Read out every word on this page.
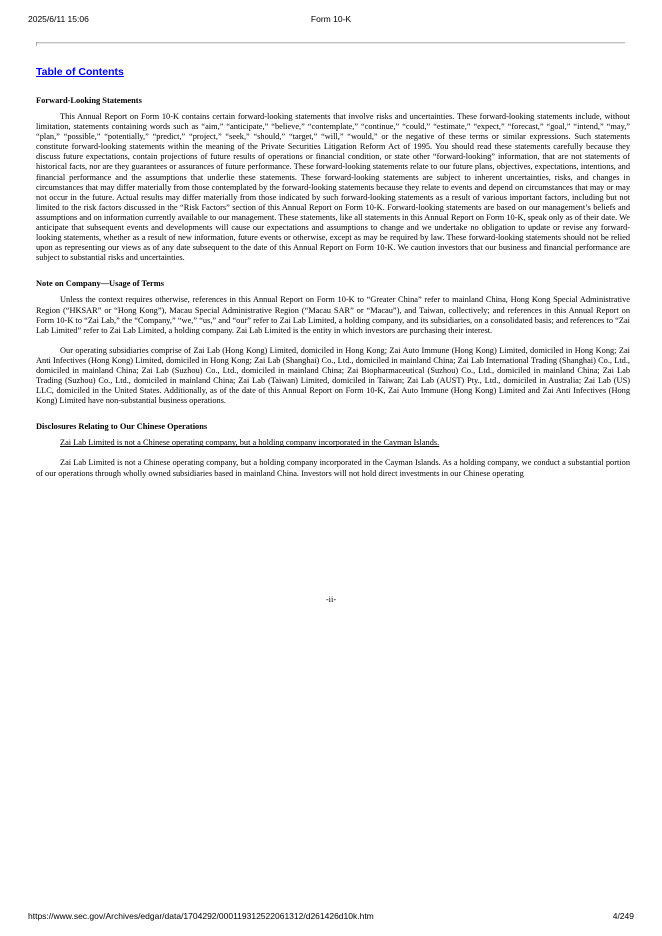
2025/6/11 15:06	Form 10-K
Table of Contents
Forward-Looking Statements

This Annual Report on Form 10-K contains certain forward-looking statements that involve risks and uncertainties. These forward-looking statements include, without limitation, statements containing words such as “aim,” “anticipate,” “believe,” “contemplate,” “continue,” “could,” “estimate,” “expect,” “forecast,” “goal,” “intend,” “may,” “plan,” “possible,” “potentially,” “predict,” “project,” “seek,” “should,” “target,” “will,” “would,” or the negative of these terms or similar expressions. Such statements constitute forward-looking statements within the meaning of the Private Securities Litigation Reform Act of 1995. You should read these statements carefully because they discuss future expectations, contain projections of future results of operations or financial condition, or state other “forward-looking” information, that are not statements of historical facts, nor are they guarantees or assurances of future performance. These forward-looking statements relate to our future plans, objectives, expectations, intentions, and financial performance and the assumptions that underlie these statements. These forward-looking statements are subject to inherent uncertainties, risks, and changes in circumstances that may differ materially from those contemplated by the forward-looking statements because they relate to events and depend on circumstances that may or may not occur in the future. Actual results may differ materially from those indicated by such forward-looking statements as a result of various important factors, including but not limited to the risk factors discussed in the “Risk Factors” section of this Annual Report on Form 10-K. Forward-looking statements are based on our management’s beliefs and assumptions and on information currently available to our management. These statements, like all statements in this Annual Report on Form 10-K, speak only as of their date. We anticipate that subsequent events and developments will cause our expectations and assumptions to change and we undertake no obligation to update or revise any forward-looking statements, whether as a result of new information, future events or otherwise, except as may be required by law. These forward-looking statements should not be relied upon as representing our views as of any date subsequent to the date of this Annual Report on Form 10-K. We caution investors that our business and financial performance are subject to substantial risks and uncertainties.

Note on Company—Usage of Terms

Unless the context requires otherwise, references in this Annual Report on Form 10-K to “Greater China” refer to mainland China, Hong Kong Special Administrative Region (“HKSAR” or “Hong Kong”), Macau Special Administrative Region (“Macau SAR” or “Macau”), and Taiwan, collectively; and references in this Annual Report on Form 10-K to “Zai Lab,” the “Company,” “we,” “us,” and “our” refer to Zai Lab Limited, a holding company, and its subsidiaries, on a consolidated basis; and references to “Zai Lab Limited” refer to Zai Lab Limited, a holding company. Zai Lab Limited is the entity in which investors are purchasing their interest.

Our operating subsidiaries comprise of Zai Lab (Hong Kong) Limited, domiciled in Hong Kong; Zai Auto Immune (Hong Kong) Limited, domiciled in Hong Kong; Zai Anti Infectives (Hong Kong) Limited, domiciled in Hong Kong; Zai Lab (Shanghai) Co., Ltd., domiciled in mainland China; Zai Lab International Trading (Shanghai) Co., Ltd., domiciled in mainland China; Zai Lab (Suzhou) Co., Ltd., domiciled in mainland China; Zai Biopharmaceutical (Suzhou) Co., Ltd., domiciled in mainland China; Zai Lab Trading (Suzhou) Co., Ltd., domiciled in mainland China; Zai Lab (Taiwan) Limited, domiciled in Taiwan; Zai Lab (AUST) Pty., Ltd., domiciled in Australia; Zai Lab (US) LLC, domiciled in the United States. Additionally, as of the date of this Annual Report on Form 10-K, Zai Auto Immune (Hong Kong) Limited and Zai Anti Infectives (Hong Kong) Limited have non-substantial business operations.

Disclosures Relating to Our Chinese Operations

Zai Lab Limited is not a Chinese operating company, but a holding company incorporated in the Cayman Islands.

Zai Lab Limited is not a Chinese operating company, but a holding company incorporated in the Cayman Islands. As a holding company, we conduct a substantial portion of our operations through wholly owned subsidiaries based in mainland China. Investors will not hold direct investments in our Chinese operating

-ii-
https://www.sec.gov/Archives/edgar/data/1704292/000119312522061312/d261426d10k.htm	4/249
